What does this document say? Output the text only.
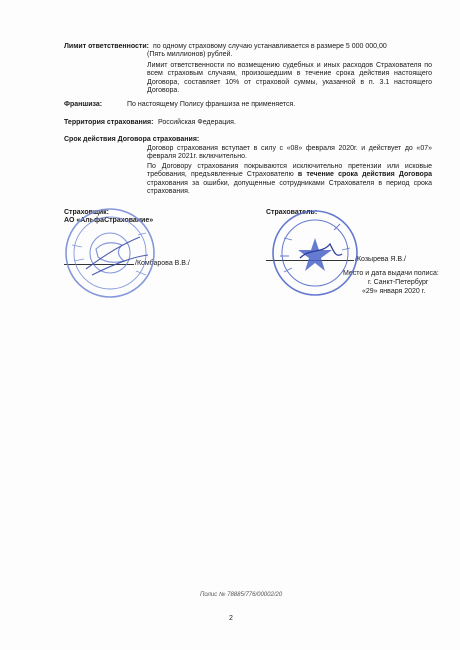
Лимит ответственности: по одному страховому случаю устанавливается в размере 5 000 000,00
(Пять миллионов) рублей.
Лимит ответственности по возмещению судебных и иных расходов Страхователя по всем страховым случаям, произошедшим в течение срока действия настоящего Договора, составляет 10% от страховой суммы, указанной в п. 3.1 настоящего Договора.
Франшиза:	По настоящему Полису франшиза не применяется.
Территория страхования: Российская Федерация.
Срок действия Договора страхования:
Договор страхования вступает в силу с «08» февраля 2020г. и действует до «07» февраля 2021г. включительно.
По Договору страхования покрываются исключительно претензии или исковые требования, предъявленные Страхователю в течение срока действия Договора страхования за ошибки, допущенные сотрудниками Страхователя в период срока страхования.
Страховщик:
АО «АльфаСтрахование»
/Комбарова В.В./
Страхователь:
/Козырева Я.В./
Место и дата выдачи полиса:
г. Санкт-Петербург
«29» января 2020 г.
Полис № 78885/776/00002/20
2
